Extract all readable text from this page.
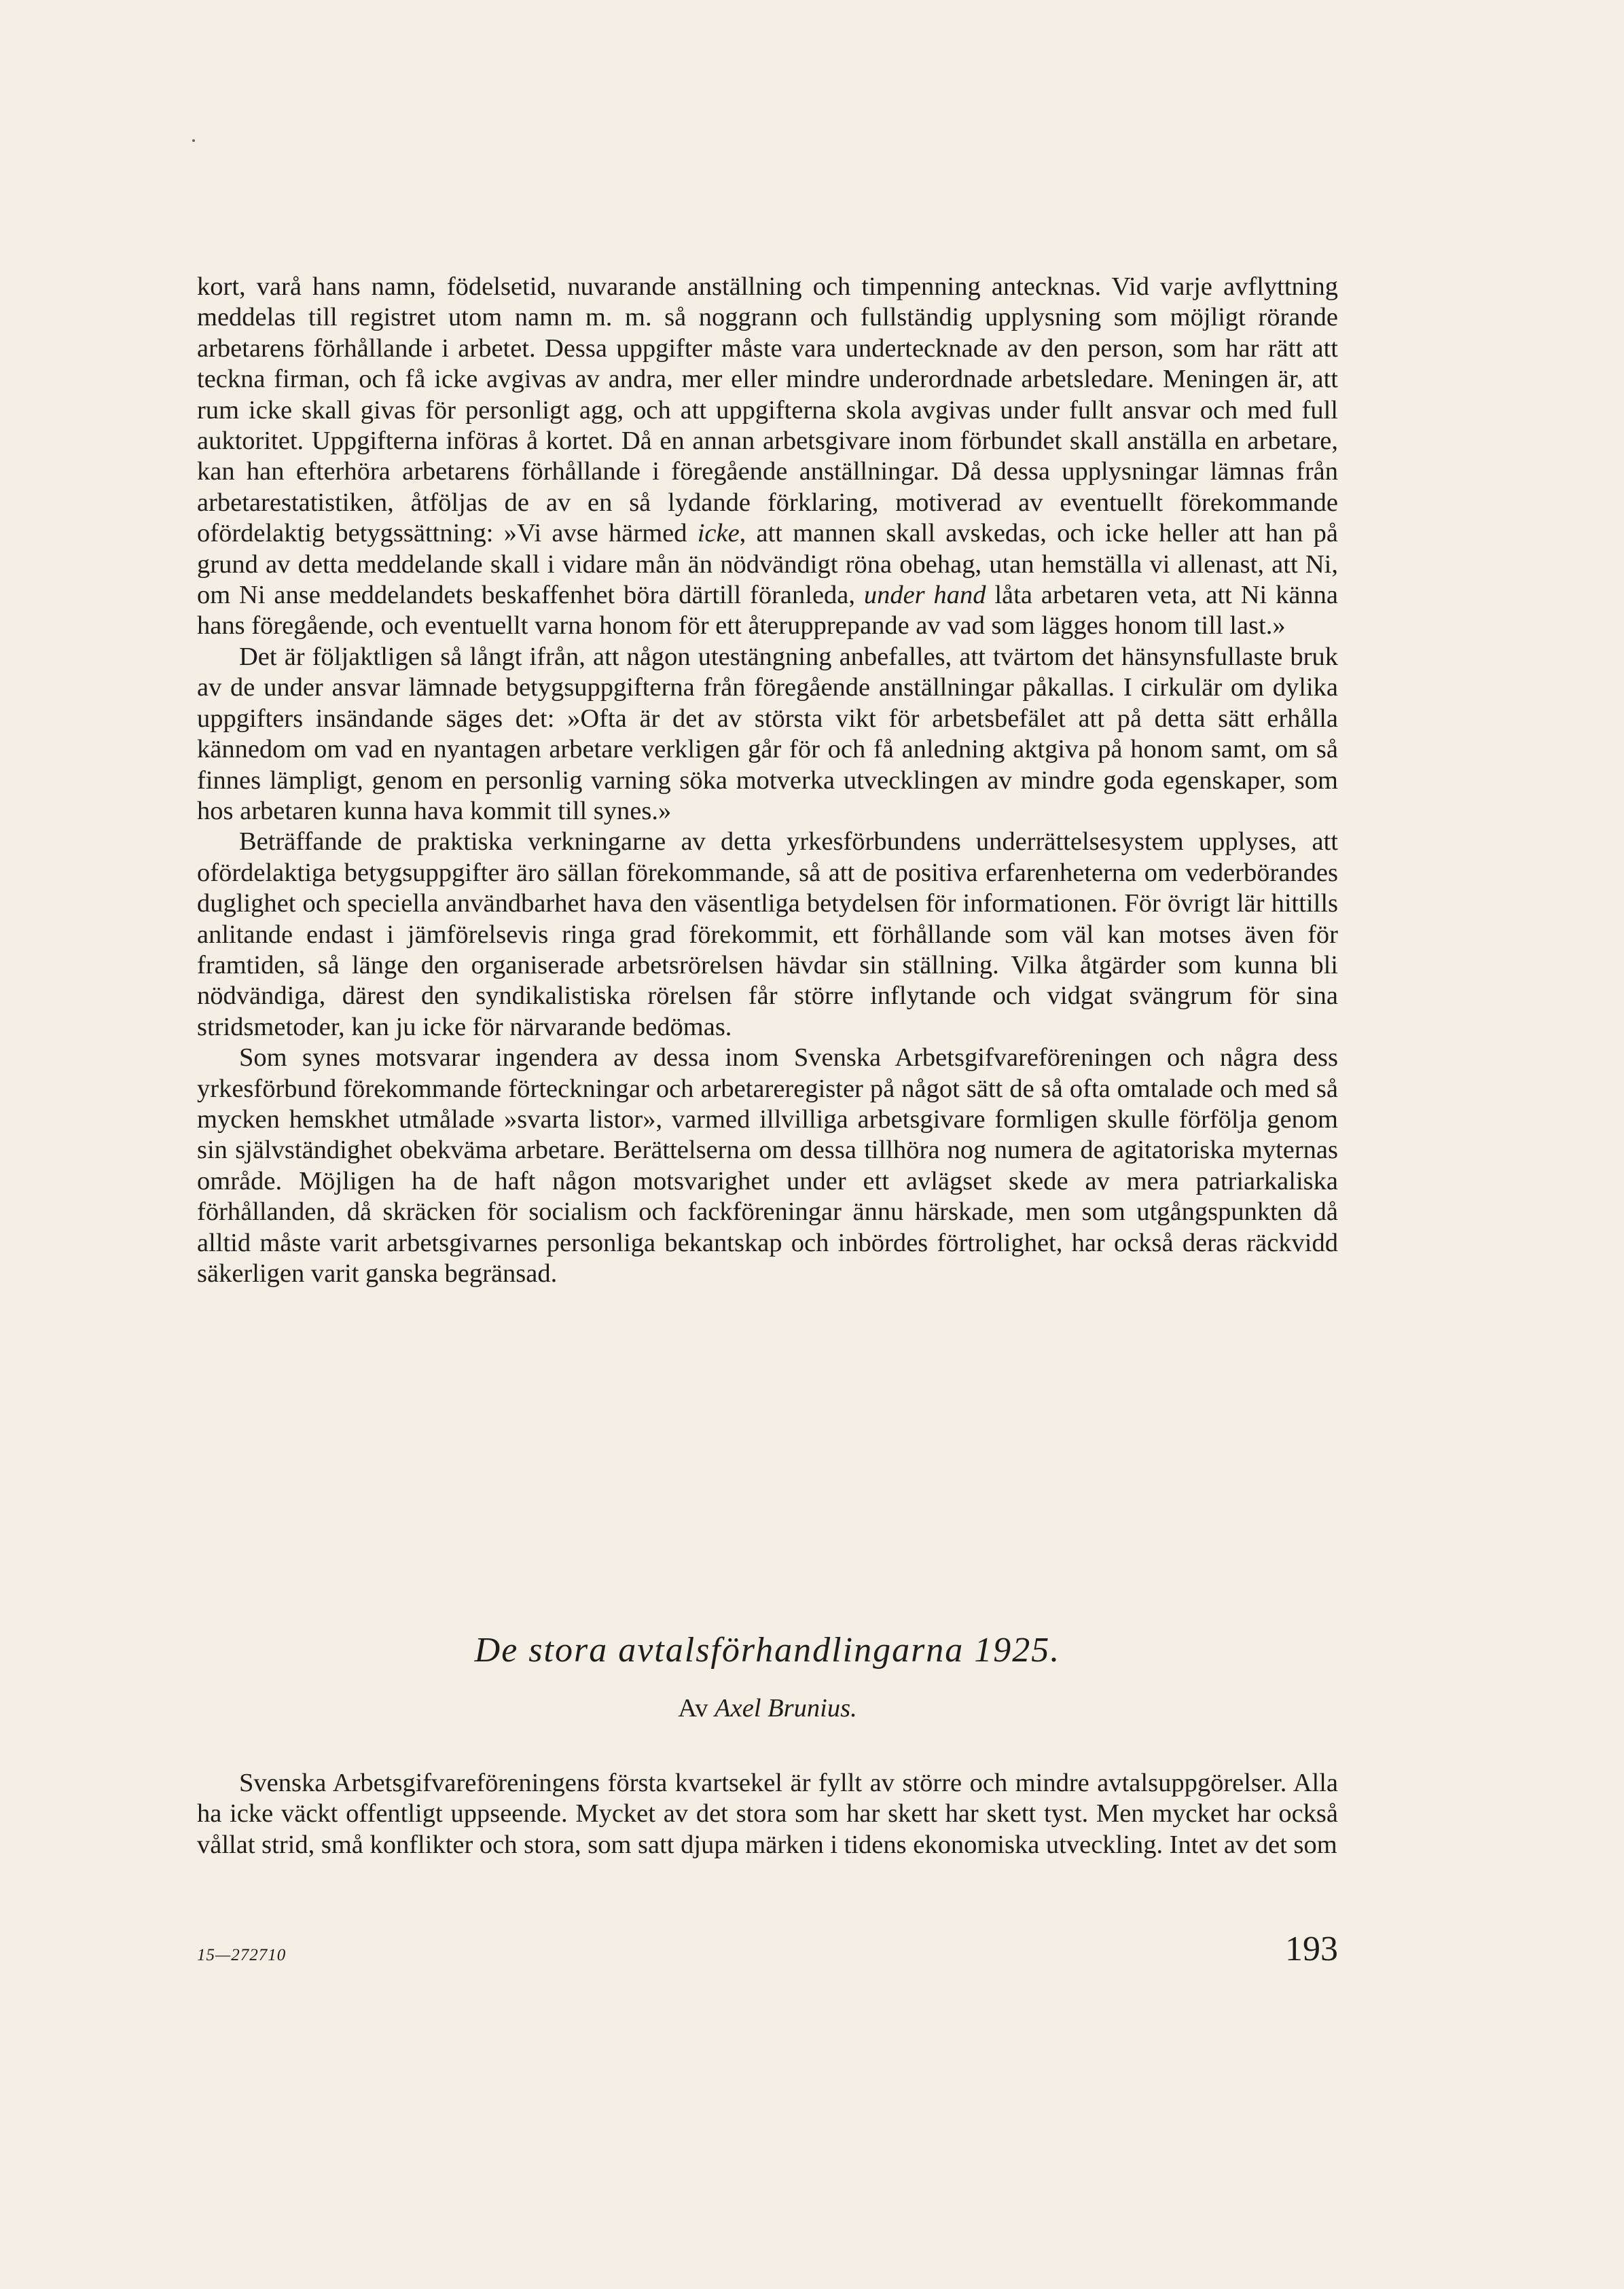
kort, varå hans namn, födelsetid, nuvarande anställning och timpenning antecknas. Vid varje avflyttning meddelas till registret utom namn m. m. så noggrann och fullständig upplysning som möjligt rörande arbetarens förhållande i arbetet. Dessa uppgifter måste vara undertecknade av den person, som har rätt att teckna firman, och få icke avgivas av andra, mer eller mindre underordnade arbetsledare. Meningen är, att rum icke skall givas för personligt agg, och att uppgifterna skola avgivas under fullt ansvar och med full auktoritet. Uppgifterna införas å kortet. Då en annan arbetsgivare inom förbundet skall anställa en arbetare, kan han efterhöra arbetarens förhållande i föregående anställningar. Då dessa upplysningar lämnas från arbetarestatistiken, åtföljas de av en så lydande förklaring, motiverad av eventuellt förekommande ofördelaktig betygssättning: »Vi avse härmed icke, att mannen skall avskedas, och icke heller att han på grund av detta meddelande skall i vidare mån än nödvändigt röna obehag, utan hemställa vi allenast, att Ni, om Ni anse meddelandets beskaffenhet böra därtill föranleda, under hand låta arbetaren veta, att Ni känna hans föregående, och eventuellt varna honom för ett återupprepande av vad som lägges honom till last.»

Det är följaktligen så långt ifrån, att någon utestängning anbefalles, att tvärtom det hänsynsfullaste bruk av de under ansvar lämnade betygsuppgifterna från föregående anställningar påkallas. I cirkulär om dylika uppgifters insändande säges det: »Ofta är det av största vikt för arbetsbefälet att på detta sätt erhålla kännedom om vad en nyantagen arbetare verkligen går för och få anledning aktgiva på honom samt, om så finnes lämpligt, genom en personlig varning söka motverka utvecklingen av mindre goda egenskaper, som hos arbetaren kunna hava kommit till synes.»

Beträffande de praktiska verkningarne av detta yrkesförbundens underrättelsesystem upplyses, att ofördelaktiga betygsuppgifter äro sällan förekommande, så att de positiva erfarenheterna om vederbörandes duglighet och speciella användbarhet hava den väsentliga betydelsen för informationen. För övrigt lär hittills anlitande endast i jämförelsevis ringa grad förekommit, ett förhållande som väl kan motses även för framtiden, så länge den organiserade arbetsrörelsen hävdar sin ställning. Vilka åtgärder som kunna bli nödvändiga, därest den syndikalistiska rörelsen får större inflytande och vidgat svängrum för sina stridsmetoder, kan ju icke för närvarande bedömas.

Som synes motsvarar ingendera av dessa inom Svenska Arbetsgifvareföreningen och några dess yrkesförbund förekommande förteckningar och arbetareregister på något sätt de så ofta omtalade och med så mycken hemskhet utmålade »svarta listor», varmed illvilliga arbetsgivare formligen skulle förfölja genom sin självständighet obekväma arbetare. Berättelserna om dessa tillhöra nog numera de agitatoriska myternas område. Möjligen ha de haft någon motsvarighet under ett avlägset skede av mera patriarkaliska förhållanden, då skräcken för socialism och fackföreningar ännu härskade, men som utgångspunkten då alltid måste varit arbetsgivarnes personliga bekantskap och inbördes förtrolighet, har också deras räckvidd säkerligen varit ganska begränsad.

De stora avtalsförhandlingarna 1925.
Av Axel Brunius.

Svenska Arbetsgifvareföreningens första kvartsekel är fyllt av större och mindre avtalsuppgörelser. Alla ha icke väckt offentligt uppseende. Mycket av det stora som har skett har skett tyst. Men mycket har också vållat strid, små konflikter och stora, som satt djupa märken i tidens ekonomiska utveckling. Intet av det som

15—272710	193
